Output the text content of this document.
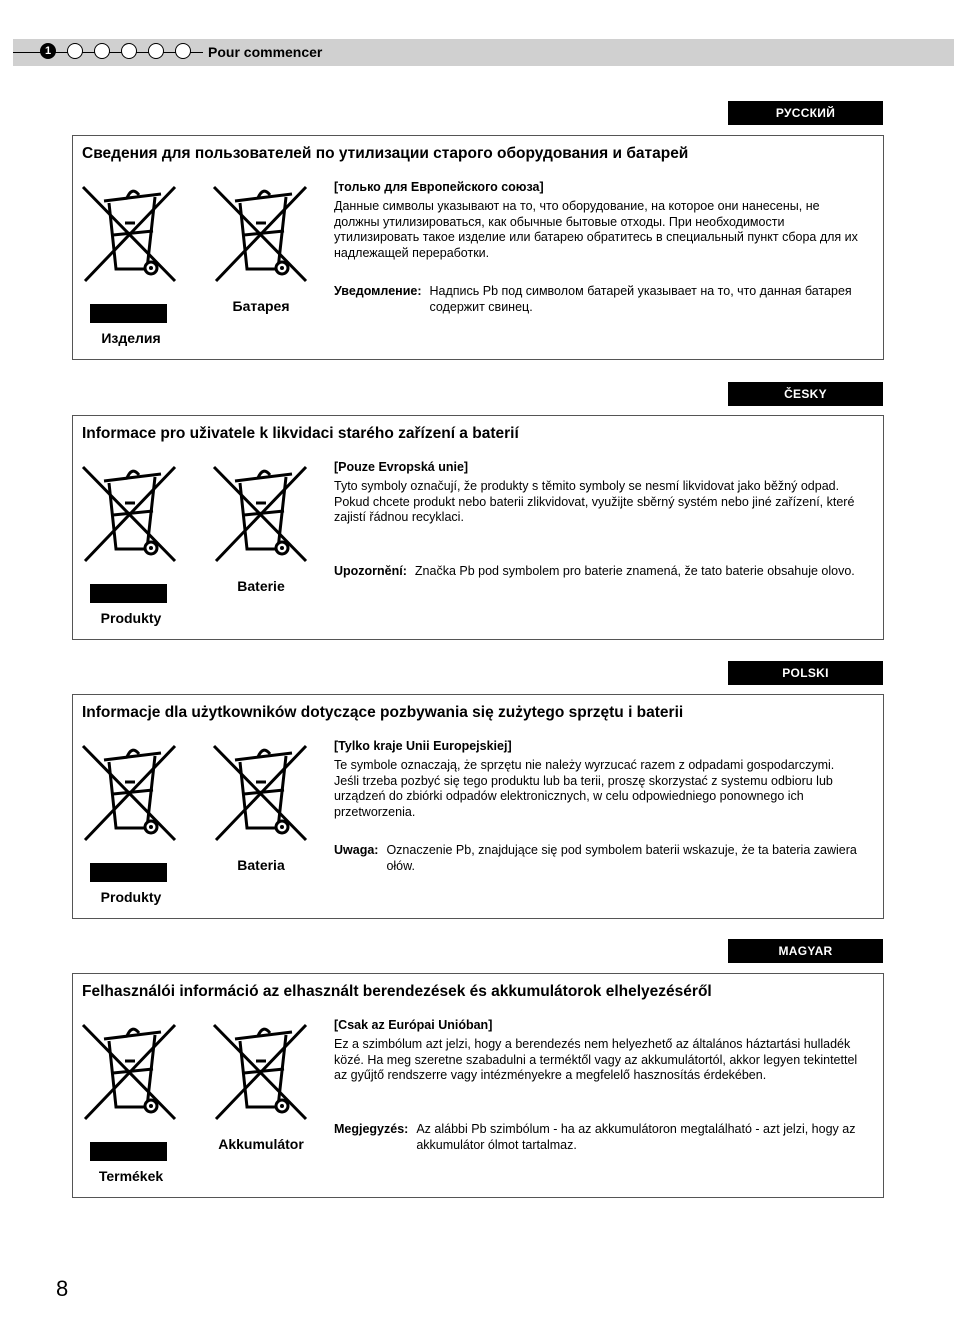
1	Pour commencer
РУССКИЙ
Сведения для пользователей по утилизации старого оборудования и батарей
Изделия
Батарея
[только для Европейского союза]
Данные символы указывают на то, что оборудование, на которое они нанесены, не должны утилизироваться, как обычные бытовые отходы. При необходимости утилизировать такое изделие или батарею обратитесь в специальный пункт сбора для их надлежащей переработки.
Уведомление: Надпись Pb под символом батарей указывает на то, что данная батарея содержит свинец.
ČESKY
Informace pro uživatele k likvidaci starého zařízení a baterií
Produkty
Baterie
[Pouze Evropská unie]
Tyto symboly označují, že produkty s těmito symboly se nesmí likvidovat jako běžný odpad. Pokud chcete produkt nebo baterii zlikvidovat, využijte sběrný systém nebo jiné zařízení, které zajistí řádnou recyklaci.
Upozornění: Značka Pb pod symbolem pro baterie znamená, že tato baterie obsahuje olovo.
POLSKI
Informacje dla użytkowników dotyczące pozbywania się zużytego sprzętu i baterii
Produkty
Bateria
[Tylko kraje Unii Europejskiej]
Te symbole oznaczają, że sprzętu nie należy wyrzucać razem z odpadami gospodarczymi. Jeśli trzeba pozbyć się tego produktu lub ba terii, proszę skorzystać z systemu odbioru lub urządzeń do zbiórki odpadów elektronicznych, w celu odpowiedniego ponownego ich przetworzenia.
Uwaga: Oznaczenie Pb, znajdujące się pod symbolem baterii wskazuje, że ta bateria zawiera ołów.
MAGYAR
Felhasználói információ az elhasznált berendezések és akkumulátorok elhelyezéséről
Termékek
Akkumulátor
[Csak az Európai Unióban]
Ez a szimbólum azt jelzi, hogy a berendezés nem helyezhető az általános háztartási hulladék közé. Ha meg szeretne szabadulni a terméktől vagy az akkumulátortól, akkor legyen tekintettel az gyűjtő rendszerre vagy intézményekre a megfelelő hasznosítás érdekében.
Megjegyzés: Az alábbi Pb szimbólum - ha az akkumulátoron megtalálható - azt jelzi, hogy az akkumulátor ólmot tartalmaz.
8
